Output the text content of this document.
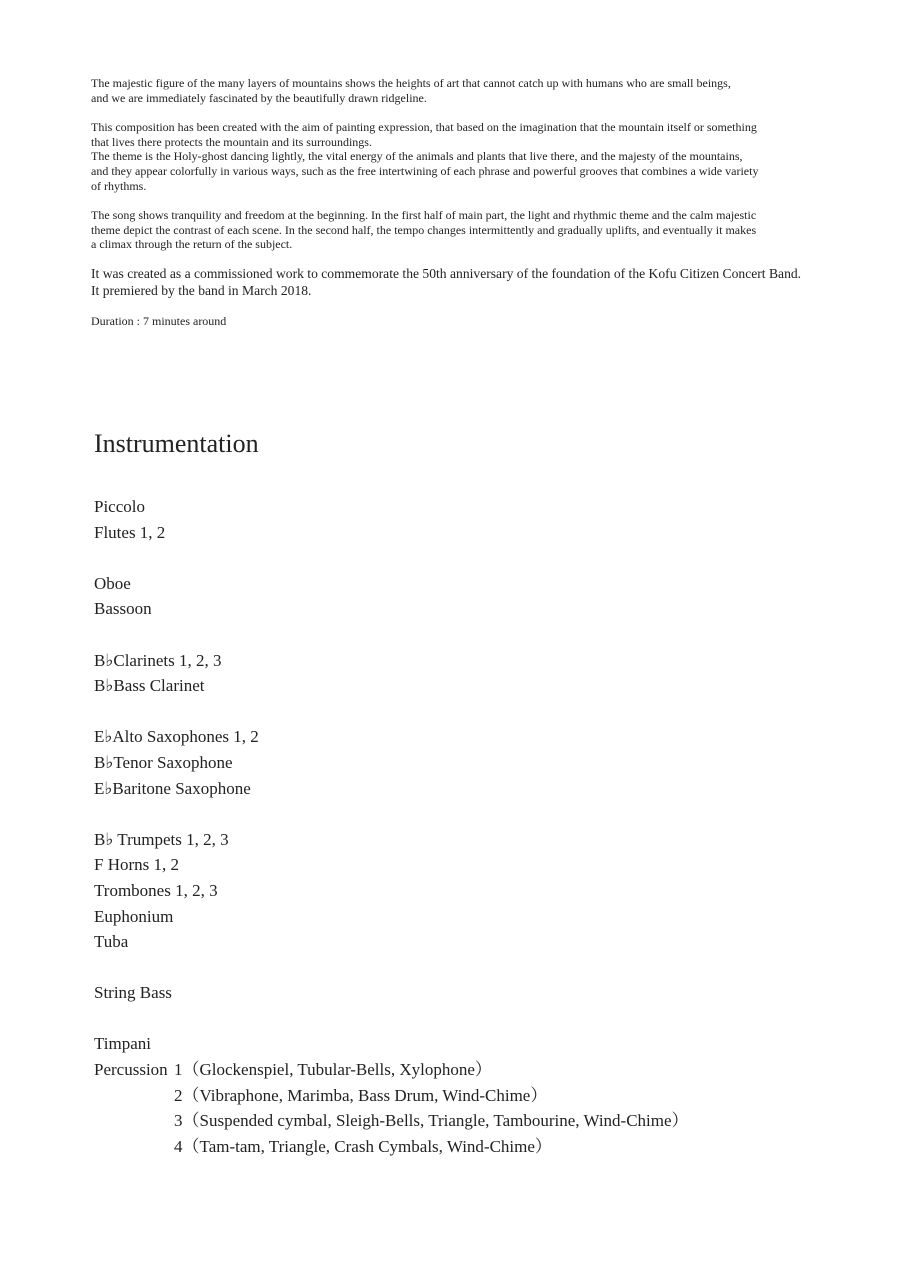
The majestic figure of the many layers of mountains shows the heights of art that cannot catch up with humans who are small beings,
and we are immediately fascinated by the beautifully drawn ridgeline.

This composition has been created with the aim of painting expression, that based on the imagination that the mountain itself or something
that lives there protects the mountain and its surroundings.
The theme is the Holy-ghost dancing lightly, the vital energy of the animals and plants that live there, and the majesty of the mountains,
and they appear colorfully in various ways, such as the free intertwining of each phrase and powerful grooves that combines a wide variety
of rhythms.

The song shows tranquility and freedom at the beginning. In the first half of main part, the light and rhythmic theme and the calm majestic
theme depict the contrast of each scene. In the second half, the tempo changes intermittently and gradually uplifts, and eventually it makes
a climax through the return of the subject.

It was created as a commissioned work to commemorate the 50th anniversary of the foundation of the Kofu Citizen Concert Band.
It premiered by the band in March 2018.

Duration : 7 minutes around

Instrumentation
Piccolo
Flutes 1, 2
Oboe
Bassoon
B♭Clarinets 1, 2, 3
B♭Bass Clarinet
E♭Alto Saxophones 1, 2
B♭Tenor Saxophone
E♭Baritone Saxophone
B♭ Trumpets 1, 2, 3
F Horns 1, 2
Trombones 1, 2, 3
Euphonium
Tuba
String Bass
Timpani
Percussion 1（Glockenspiel, Tubular-Bells, Xylophone）
2（Vibraphone, Marimba, Bass Drum, Wind-Chime）
3（Suspended cymbal, Sleigh-Bells, Triangle, Tambourine, Wind-Chime）
4（Tam-tam, Triangle, Crash Cymbals, Wind-Chime）
